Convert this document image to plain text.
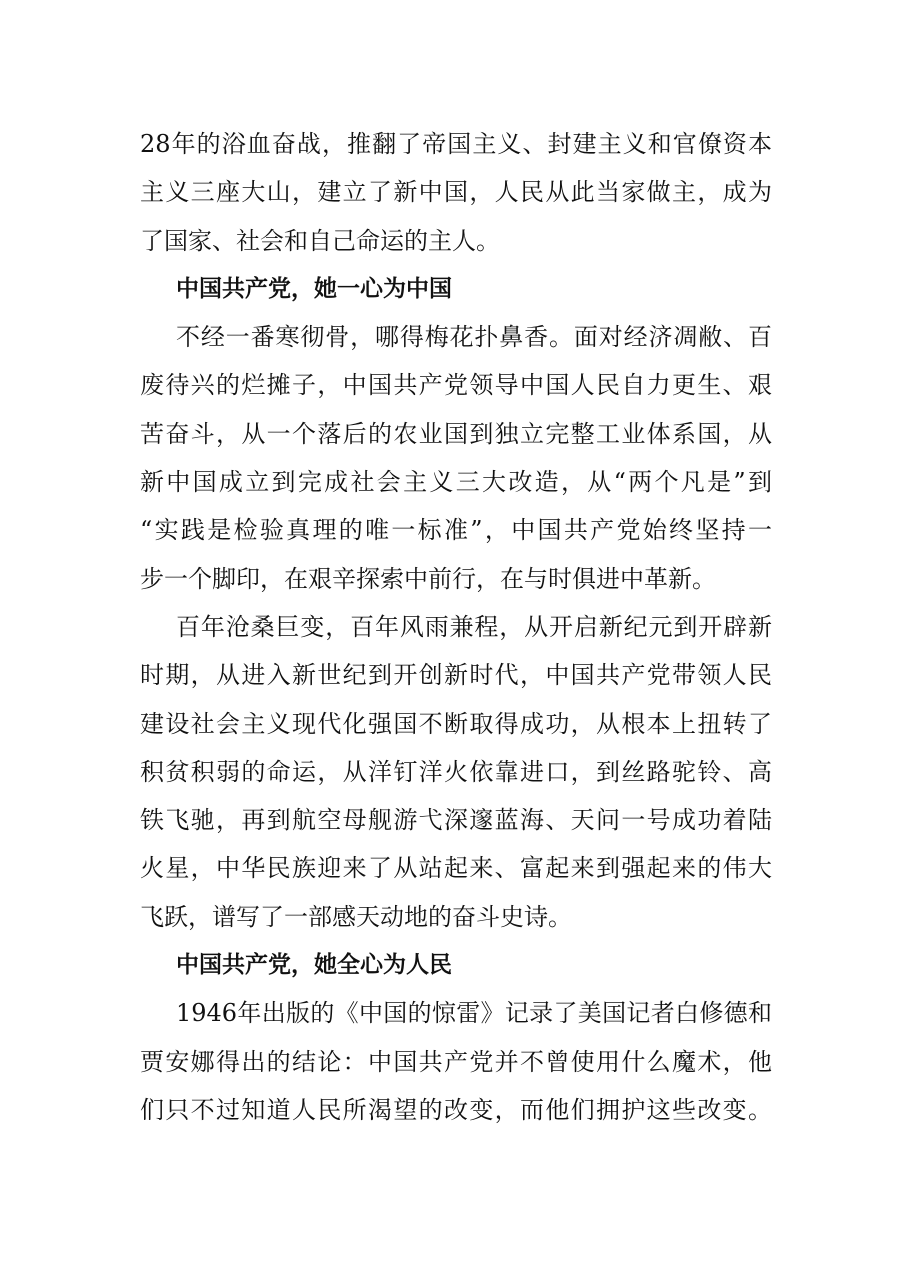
28年的浴血奋战，推翻了帝国主义、封建主义和官僚资本
主义三座大山，建立了新中国，人民从此当家做主，成为
了国家、社会和自己命运的主人。
中国共产党，她一心为中国
不经一番寒彻骨，哪得梅花扑鼻香。面对经济凋敝、百
废待兴的烂摊子，中国共产党领导中国人民自力更生、艰
苦奋斗，从一个落后的农业国到独立完整工业体系国，从
新中国成立到完成社会主义三大改造，从“两个凡是”到
“实践是检验真理的唯一标准”，中国共产党始终坚持一
步一个脚印，在艰辛探索中前行，在与时俱进中革新。
百年沧桑巨变，百年风雨兼程，从开启新纪元到开辟新
时期，从进入新世纪到开创新时代，中国共产党带领人民
建设社会主义现代化强国不断取得成功，从根本上扭转了
积贫积弱的命运，从洋钉洋火依靠进口，到丝路驼铃、高
铁飞驰，再到航空母舰游弋深邃蓝海、天问一号成功着陆
火星，中华民族迎来了从站起来、富起来到强起来的伟大
飞跃，谱写了一部感天动地的奋斗史诗。
中国共产党，她全心为人民
1946年出版的《中国的惊雷》记录了美国记者白修德和
贾安娜得出的结论：中国共产党并不曾使用什么魔术，他
们只不过知道人民所渴望的改变，而他们拥护这些改变。
